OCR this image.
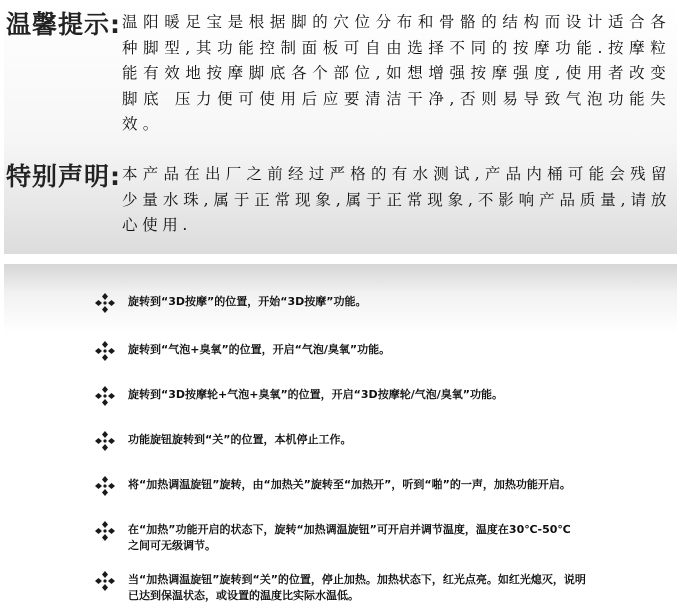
温馨提示: 温阳暖足宝是根据脚的穴位分布和骨骼的结构而设计适合各种脚型,其功能控制面板可自由选择不同的按摩功能.按摩粒能有效地按摩脚底各个部位,如想增强按摩强度,使用者改变脚底 压力便可使用后应要清洁干净,否则易导致气泡功能失效。
特别声明: 本产品在出厂之前经过严格的有水测试,产品内桶可能会残留少量水珠,属于正常现象,属于正常现象,不影响产品质量,请放心使用.
旋转到“3D按摩”的位置，开始“3D按摩”功能。
旋转到“气泡+臭氧”的位置，开启“气泡/臭氧”功能。
旋转到“3D按摩轮+气泡+臭氧”的位置，开启“3D按摩轮/气泡/臭氧”功能。
功能旋钮旋转到“关”的位置，本机停止工作。
将“加热调温旋钮”旋转，由“加热关”旋转至“加热开”，听到“啪”的一声，加热功能开启。
在“加热”功能开启的状态下，旋转“加热调温旋钮”可开启并调节温度，温度在30℃-50℃
之间可无级调节。
当“加热调温旋钮”旋转到“关”的位置，停止加热。加热状态下，红光点亮。如红光熄灭，说明
已达到保温状态，或设置的温度比实际水温低。
